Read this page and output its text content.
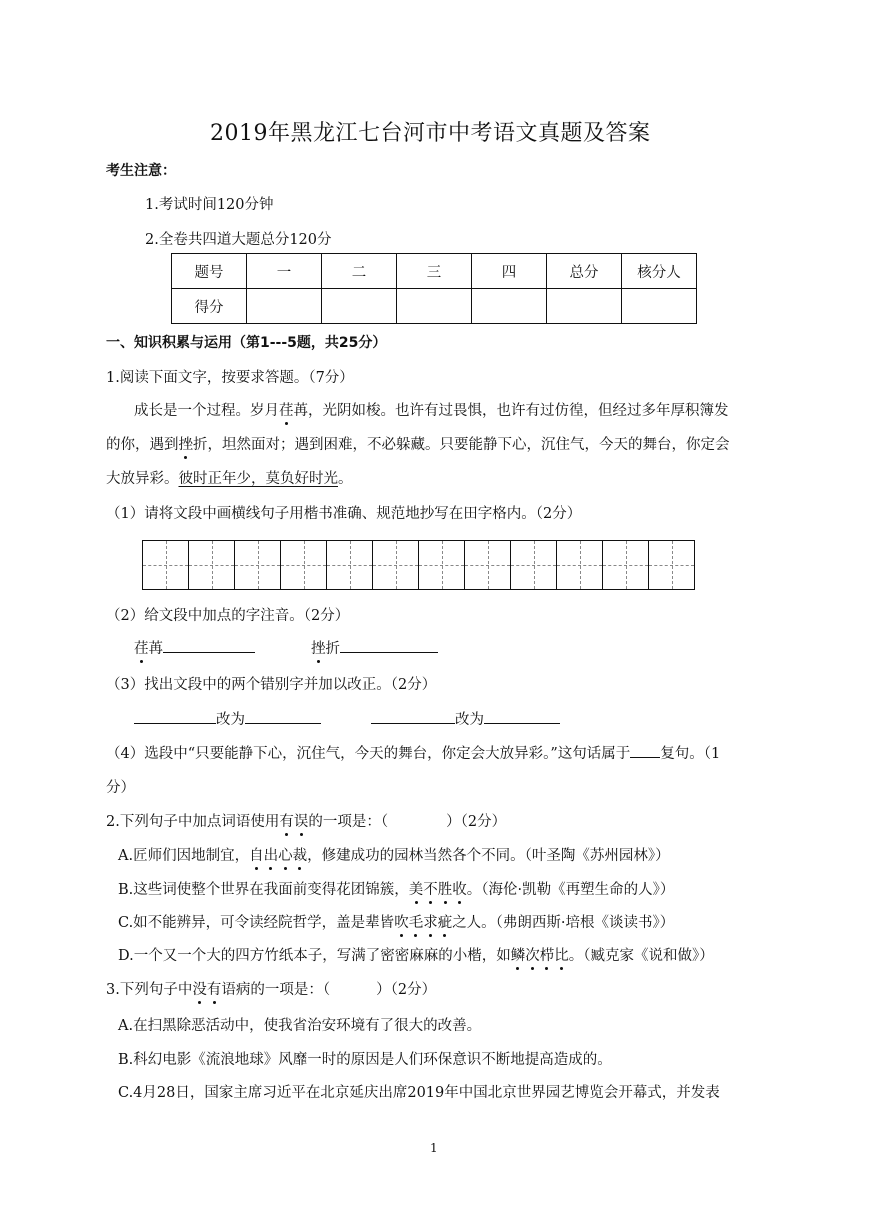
2019年黑龙江七台河市中考语文真题及答案
考生注意：
1.考试时间120分钟
2.全卷共四道大题总分120分
题号	一	二	三	四	总分	核分人
得分						
一、知识积累与运用（第1---5题，共25分）
1.阅读下面文字，按要求答题。（7分）
成长是一个过程。岁月荏苒，光阴如梭。也许有过畏惧，也许有过仿徨，但经过多年厚积簿发
的你，遇到挫折，坦然面对；遇到困难，不必躲藏。只要能静下心，沉住气，今天的舞台，你定会
大放异彩。彼时正年少，莫负好时光。
（1）请将文段中画横线句子用楷书准确、规范地抄写在田字格内。（2分）
（2）给文段中加点的字注音。（2分）
荏苒	挫折
（3）找出文段中的两个错别字并加以改正。（2分）
改为	改为
（4）选段中“只要能静下心，沉住气，今天的舞台，你定会大放异彩。”这句话属于 复句。（1
分）
2.下列句子中加点词语使用有误的一项是：（	）（2分）
A.匠师们因地制宜，自出心裁，修建成功的园林当然各个不同。（叶圣陶《苏州园林》）
B.这些词使整个世界在我面前变得花团锦簇，美不胜收。（海伦·凯勒《再塑生命的人》）
C.如不能辨异，可令读经院哲学，盖是辈皆吹毛求疵之人。（弗朗西斯·培根《谈读书》）
D.一个又一个大的四方竹纸本子，写满了密密麻麻的小楷，如鳞次栉比。（臧克家《说和做》）
3.下列句子中没有语病的一项是：（	）（2分）
A.在扫黑除恶活动中，使我省治安环境有了很大的改善。
B.科幻电影《流浪地球》风靡一时的原因是人们环保意识不断地提高造成的。
C.4月28日，国家主席习近平在北京延庆出席2019年中国北京世界园艺博览会开幕式，并发表
1
